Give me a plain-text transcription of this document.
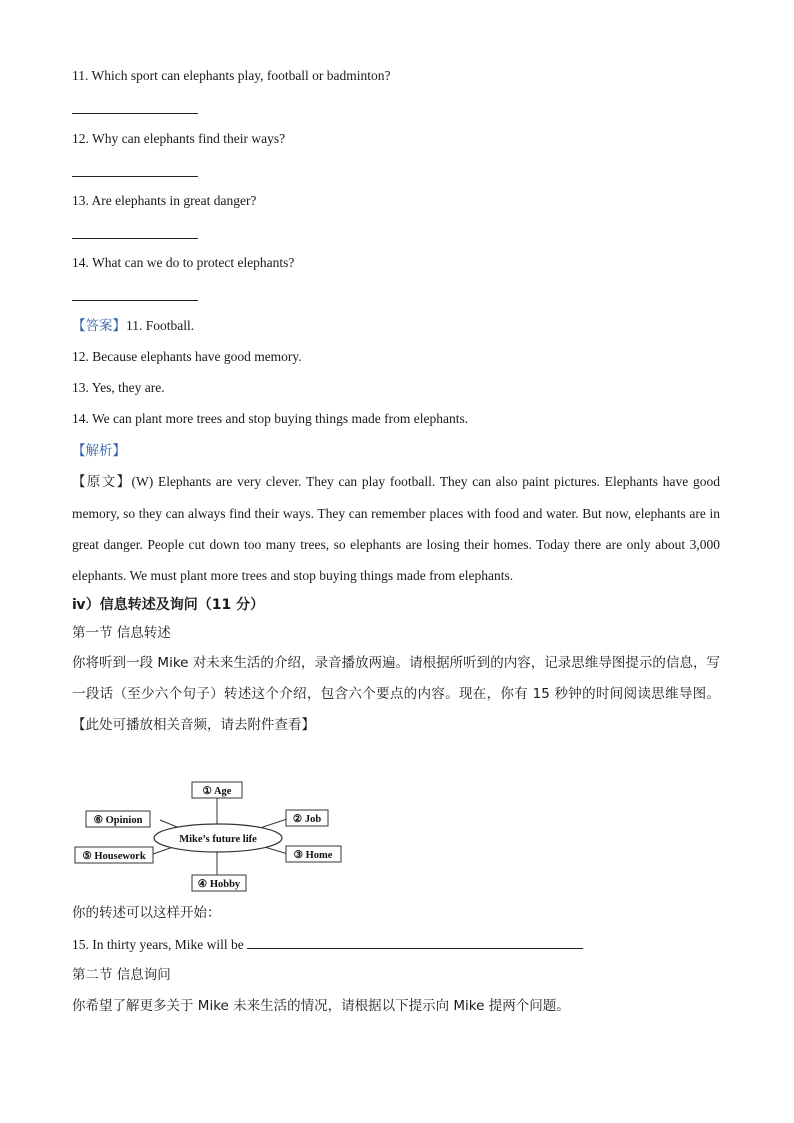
11. Which sport can elephants play, football or badminton?
12. Why can elephants find their ways?
13. Are elephants in great danger?
14. What can we do to protect elephants?
【答案】11. Football.
12. Because elephants have good memory.
13. Yes, they are.
14. We can plant more trees and stop buying things made from elephants.
【解析】
【原文】(W) Elephants are very clever. They can play football. They can also paint pictures. Elephants have good memory, so they can always find their ways. They can remember places with food and water. But now, elephants are in great danger. People cut down too many trees, so elephants are losing their homes. Today there are only about 3,000 elephants. We must plant more trees and stop buying things made from elephants.
ⅳ）信息转述及询问（11 分）
第一节 信息转述
你将听到一段 Mike 对未来生活的介绍，录音播放两遍。请根据所听到的内容，记录思维导图提示的信息，写一段话（至少六个句子）转述这个介绍，包含六个要点的内容。现在，你有 15 秒钟的时间阅读思维导图。【此处可播放相关音频，请去附件查看】
Mike’s future life
① Age
② Job
③ Home
④ Hobby
⑤ Housework
⑥ Opinion
你的转述可以这样开始：
15. In thirty years, Mike will be
第二节 信息询问
你希望了解更多关于 Mike 未来生活的情况，请根据以下提示向 Mike 提两个问题。
